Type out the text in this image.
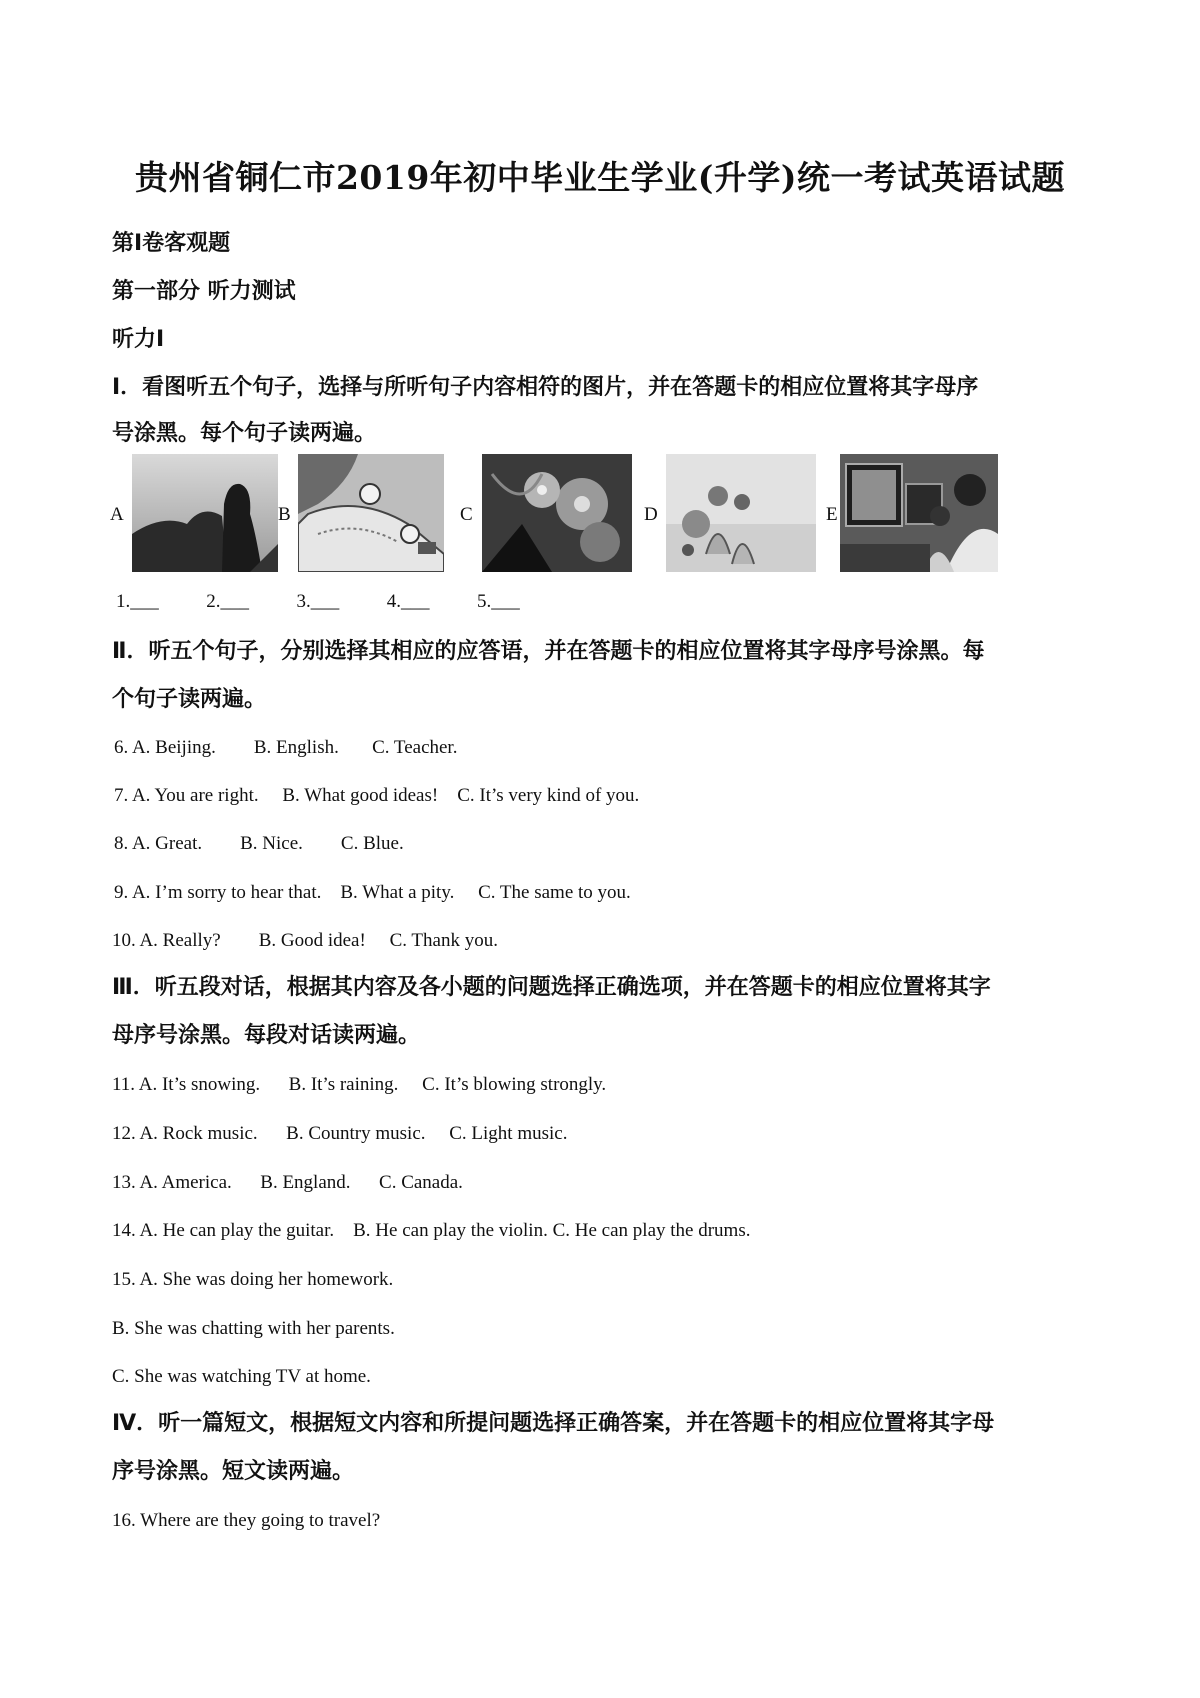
贵州省铜仁市2019年初中毕业生学业(升学)统一考试英语试题
第Ⅰ卷客观题
第一部分 听力测试
听力Ⅰ
Ⅰ．看图听五个句子，选择与所听句子内容相符的图片，并在答题卡的相应位置将其字母序
号涂黑。每个句子读两遍。
A	B	C	D	E
1.___	2.___	3.___	4.___	5.___
Ⅱ．听五个句子，分别选择其相应的应答语，并在答题卡的相应位置将其字母序号涂黑。每
个句子读两遍。
6. A. Beijing.        B. English.       C. Teacher.
7. A. You are right.     B. What good ideas!    C. It’s very kind of you.
8. A. Great.        B. Nice.        C. Blue.
9. A. I’m sorry to hear that.    B. What a pity.     C. The same to you.
10. A. Really?        B. Good idea!     C. Thank you.
Ⅲ．听五段对话，根据其内容及各小题的问题选择正确选项，并在答题卡的相应位置将其字
母序号涂黑。每段对话读两遍。
11. A. It’s snowing.      B. It’s raining.     C. It’s blowing strongly.
12. A. Rock music.      B. Country music.     C. Light music.
13. A. America.      B. England.      C. Canada.
14. A. He can play the guitar.    B. He can play the violin. C. He can play the drums.
15. A. She was doing her homework.
B. She was chatting with her parents.
C. She was watching TV at home.
Ⅳ．听一篇短文，根据短文内容和所提问题选择正确答案，并在答题卡的相应位置将其字母
序号涂黑。短文读两遍。
16. Where are they going to travel?
